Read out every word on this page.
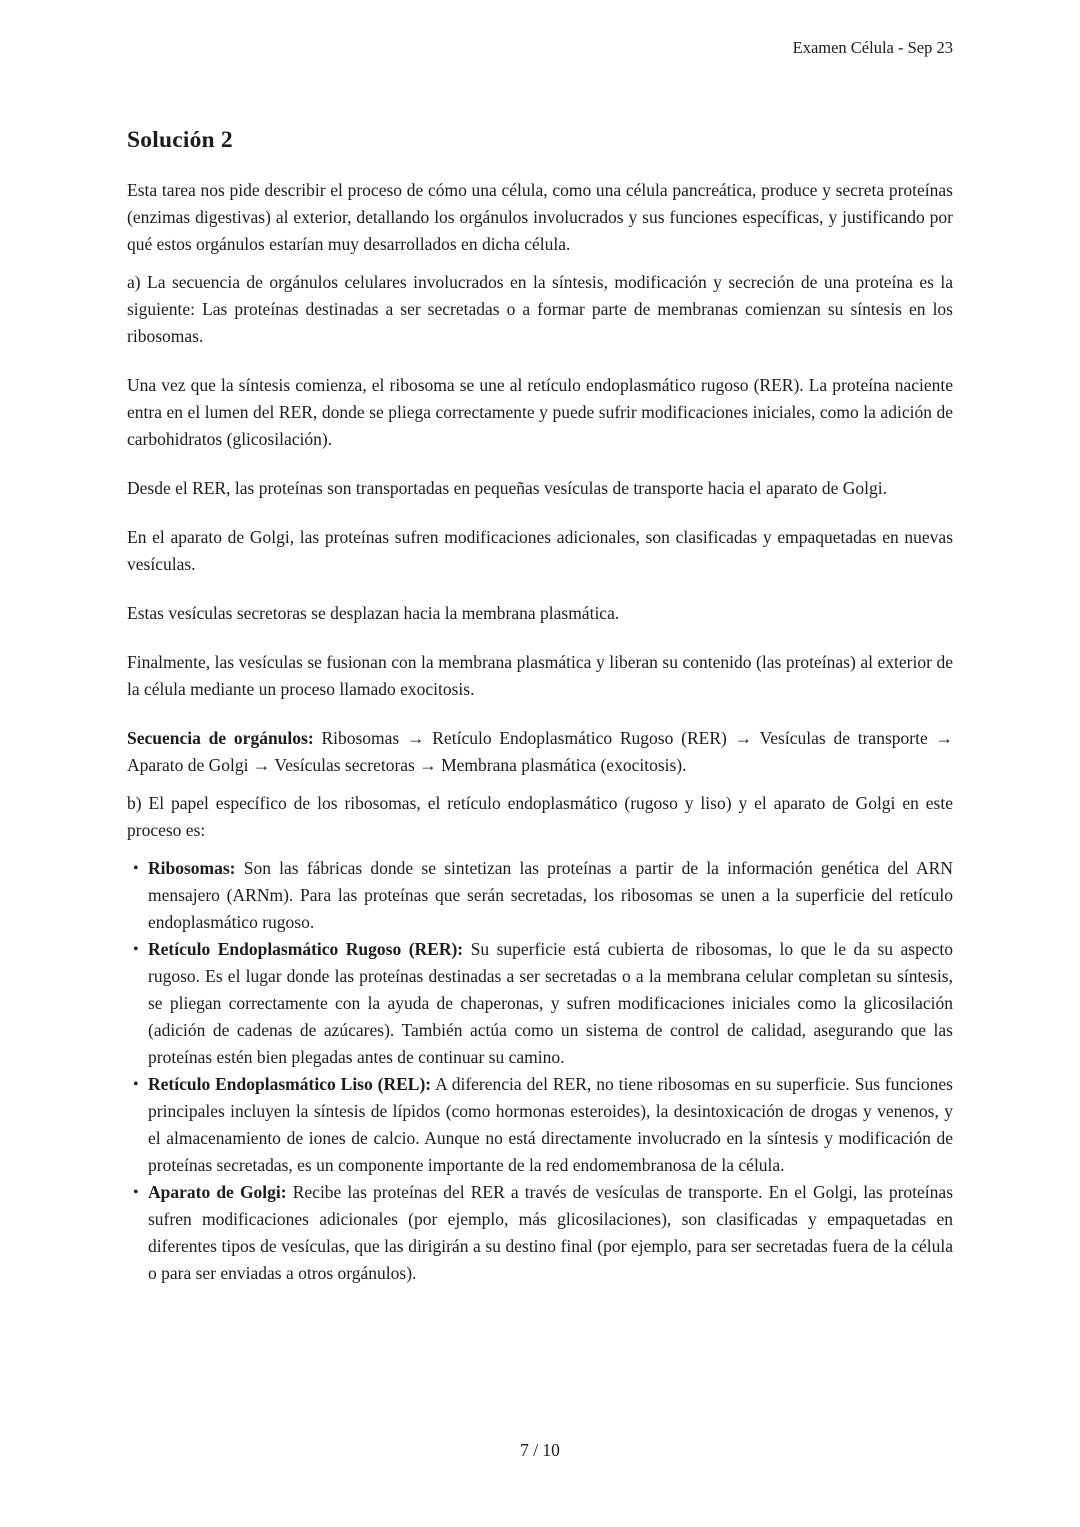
Examen Célula - Sep 23
Solución 2

Esta tarea nos pide describir el proceso de cómo una célula, como una célula pancreática, produce y secreta proteínas (enzimas digestivas) al exterior, detallando los orgánulos involucrados y sus funciones específicas, y justificando por qué estos orgánulos estarían muy desarrollados en dicha célula.

a) La secuencia de orgánulos celulares involucrados en la síntesis, modificación y secreción de una proteína es la siguiente: Las proteínas destinadas a ser secretadas o a formar parte de membranas comienzan su síntesis en los ribosomas.

Una vez que la síntesis comienza, el ribosoma se une al retículo endoplasmático rugoso (RER). La proteína naciente entra en el lumen del RER, donde se pliega correctamente y puede sufrir modificaciones iniciales, como la adición de carbohidratos (glicosilación).

Desde el RER, las proteínas son transportadas en pequeñas vesículas de transporte hacia el aparato de Golgi.

En el aparato de Golgi, las proteínas sufren modificaciones adicionales, son clasificadas y empaquetadas en nuevas vesículas.

Estas vesículas secretoras se desplazan hacia la membrana plasmática.

Finalmente, las vesículas se fusionan con la membrana plasmática y liberan su contenido (las proteínas) al exterior de la célula mediante un proceso llamado exocitosis.

Secuencia de orgánulos: Ribosomas → Retículo Endoplasmático Rugoso (RER) → Vesículas de transporte → Aparato de Golgi → Vesículas secretoras → Membrana plasmática (exocitosis).

b) El papel específico de los ribosomas, el retículo endoplasmático (rugoso y liso) y el aparato de Golgi en este proceso es:

• Ribosomas: Son las fábricas donde se sintetizan las proteínas a partir de la información genética del ARN mensajero (ARNm). Para las proteínas que serán secretadas, los ribosomas se unen a la superficie del retículo endoplasmático rugoso.
• Retículo Endoplasmático Rugoso (RER): Su superficie está cubierta de ribosomas, lo que le da su aspecto rugoso. Es el lugar donde las proteínas destinadas a ser secretadas o a la membrana celular completan su síntesis, se pliegan correctamente con la ayuda de chaperonas, y sufren modificaciones iniciales como la glicosilación (adición de cadenas de azúcares). También actúa como un sistema de control de calidad, asegurando que las proteínas estén bien plegadas antes de continuar su camino.
• Retículo Endoplasmático Liso (REL): A diferencia del RER, no tiene ribosomas en su superficie. Sus funciones principales incluyen la síntesis de lípidos (como hormonas esteroides), la desintoxicación de drogas y venenos, y el almacenamiento de iones de calcio. Aunque no está directamente involucrado en la síntesis y modificación de proteínas secretadas, es un componente importante de la red endomembranosa de la célula.
• Aparato de Golgi: Recibe las proteínas del RER a través de vesículas de transporte. En el Golgi, las proteínas sufren modificaciones adicionales (por ejemplo, más glicosilaciones), son clasificadas y empaquetadas en diferentes tipos de vesículas, que las dirigirán a su destino final (por ejemplo, para ser secretadas fuera de la célula o para ser enviadas a otros orgánulos).
7 / 10
